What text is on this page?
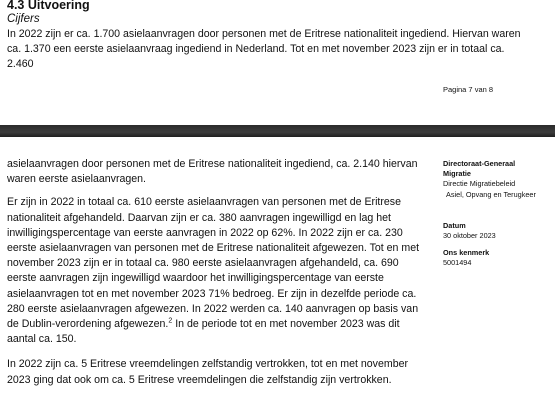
4.3 Uitvoering
Cijfers

In 2022 zijn er ca. 1.700 asielaanvragen door personen met de Eritrese nationaliteit ingediend. Hiervan waren ca. 1.370 een eerste asielaanvraag ingediend in Nederland. Tot en met november 2023 zijn er in totaal ca. 2.460

Pagina 7 van 8

asielaanvragen door personen met de Eritrese nationaliteit ingediend, ca. 2.140 hiervan waren eerste asielaanvragen.

Er zijn in 2022 in totaal ca. 610 eerste asielaanvragen van personen met de Eritrese nationaliteit afgehandeld. Daarvan zijn er ca. 380 aanvragen ingewilligd en lag het inwilligingspercentage van eerste aanvragen in 2022 op 62%. In 2022 zijn er ca. 230 eerste asielaanvragen van personen met de Eritrese nationaliteit afgewezen. Tot en met november 2023 zijn er in totaal ca. 980 eerste asielaanvragen afgehandeld, ca. 690 eerste aanvragen zijn ingewilligd waardoor het inwilligingspercentage van eerste asielaanvragen tot en met november 2023 71% bedroeg. Er zijn in dezelfde periode ca. 280 eerste asielaanvragen afgewezen. In 2022 werden ca. 140 aanvragen op basis van de Dublin-verordening afgewezen.$^2$ In de periode tot en met november 2023 was dit aantal ca. 150.

In 2022 zijn ca. 5 Eritrese vreemdelingen zelfstandig vertrokken, tot en met november 2023 ging dat ook om ca. 5 Eritrese vreemdelingen die zelfstandig zijn vertrokken.

Directoraat-Generaal
Migratie
Directie Migratiebeleid
Asiel, Opvang en Terugkeer
Datum
30 oktober 2023
Ons kenmerk
5001494
